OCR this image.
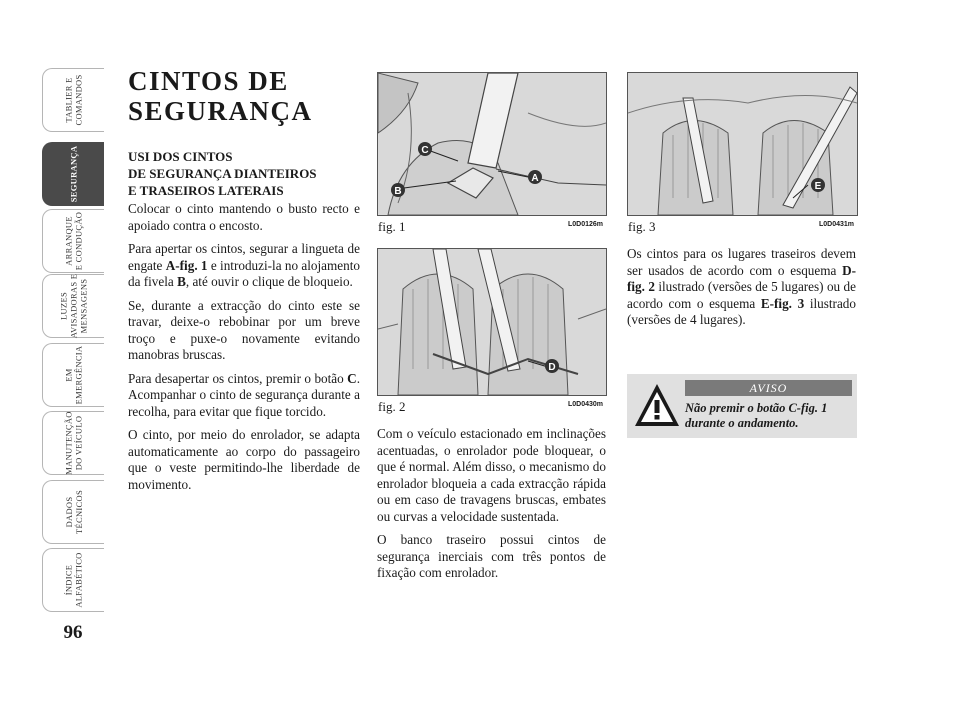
TABLIER E
COMANDOS
SEGURANÇA
ARRANQUE
E CONDUÇÃO
LUZES
AVISADORAS E
MENSAGENS
EM
EMERGÊNCIA
MANUTENÇÃO
DO VEÍCULO
DADOS
TÉCNICOS
ÍNDICE
ALFABÉTICO
96
CINTOS DE
SEGURANÇA
USI DOS CINTOS
DE SEGURANÇA DIANTEIROS
E TRASEIROS LATERAIS

Colocar o cinto mantendo o busto recto e apoiado contra o encosto.

Para apertar os cintos, segurar a lingueta de engate A-fig. 1 e introduzi-la no alojamento da fivela B, até ouvir o clique de bloqueio.

Se, durante a extracção do cinto este se travar, deixe-o rebobinar por um breve troço e puxe-o novamente evitando manobras bruscas.

Para desapertar os cintos, premir o botão C. Acompanhar o cinto de segurança durante a recolha, para evitar que fique torcido.

O cinto, por meio do enrolador, se adapta automaticamente ao corpo do passageiro que o veste permitindo-lhe liberdade de movimento.

C
B
A
fig. 1	L0D0126m
D
fig. 2	L0D0430m
E
fig. 3	L0D0431m

Com o veículo estacionado em inclinações acentuadas, o enrolador pode bloquear, o que é normal. Além disso, o mecanismo do enrolador bloqueia a cada extracção rápida ou em caso de travagens bruscas, embates ou curvas a velocidade sustentada.

O banco traseiro possui cintos de segurança inerciais com três pontos de fixação com enrolador.

Os cintos para os lugares traseiros devem ser usados de acordo com o esquema D-fig. 2 ilustrado (versões de 5 lugares) ou de acordo com o esquema E-fig. 3 ilustrado (versões de 4 lugares).

AVISO
Não premir o botão C-fig. 1 durante o andamento.
